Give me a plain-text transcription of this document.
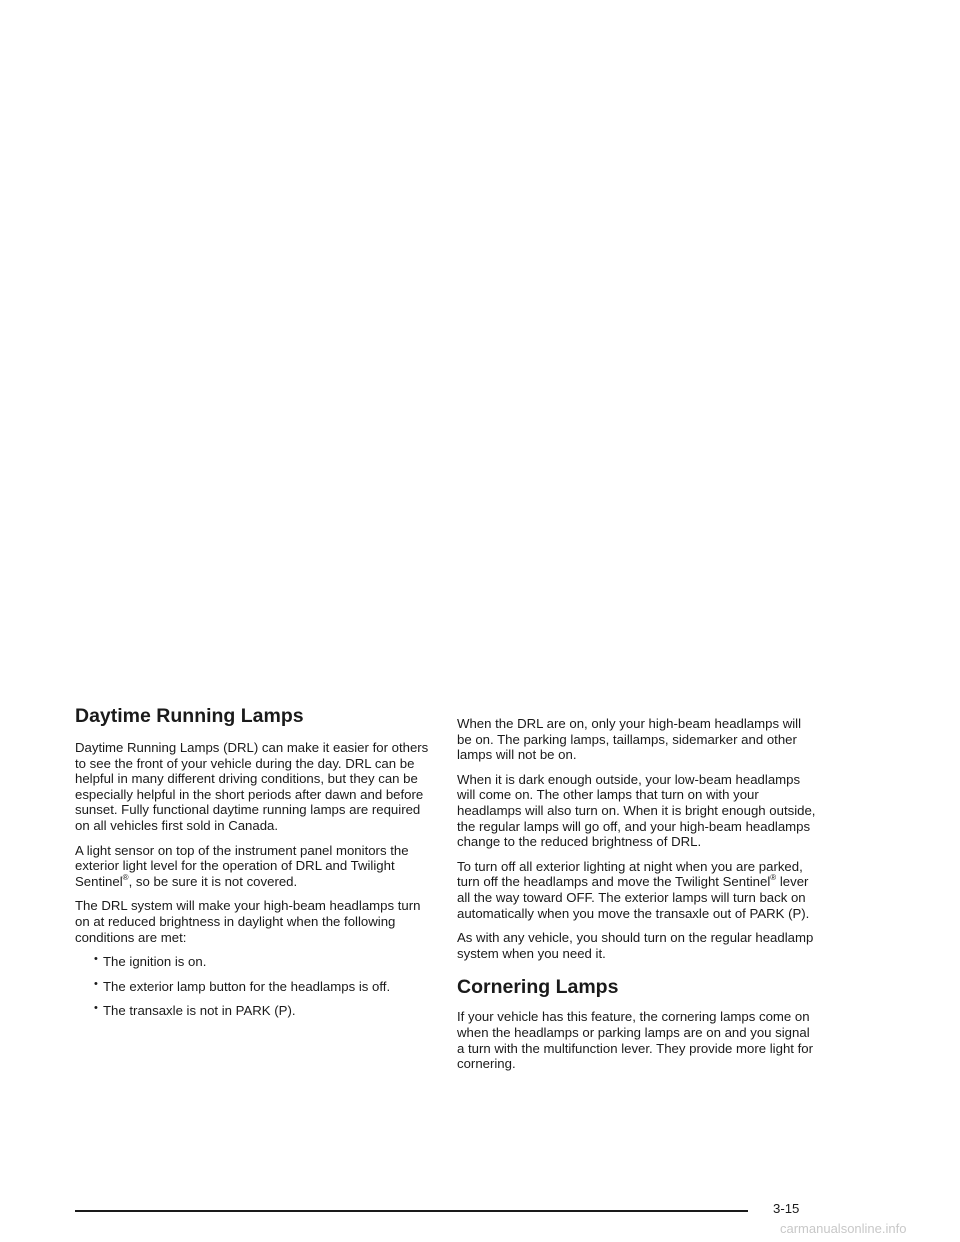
Daytime Running Lamps

Daytime Running Lamps (DRL) can make it easier for others to see the front of your vehicle during the day. DRL can be helpful in many different driving conditions, but they can be especially helpful in the short periods after dawn and before sunset. Fully functional daytime running lamps are required on all vehicles first sold in Canada.

A light sensor on top of the instrument panel monitors the exterior light level for the operation of DRL and Twilight Sentinel®, so be sure it is not covered.

The DRL system will make your high-beam headlamps turn on at reduced brightness in daylight when the following conditions are met:

• The ignition is on.
• The exterior lamp button for the headlamps is off.
• The transaxle is not in PARK (P).

When the DRL are on, only your high-beam headlamps will be on. The parking lamps, taillamps, sidemarker and other lamps will not be on.

When it is dark enough outside, your low-beam headlamps will come on. The other lamps that turn on with your headlamps will also turn on. When it is bright enough outside, the regular lamps will go off, and your high-beam headlamps change to the reduced brightness of DRL.

To turn off all exterior lighting at night when you are parked, turn off the headlamps and move the Twilight Sentinel® lever all the way toward OFF. The exterior lamps will turn back on automatically when you move the transaxle out of PARK (P).

As with any vehicle, you should turn on the regular headlamp system when you need it.

Cornering Lamps

If your vehicle has this feature, the cornering lamps come on when the headlamps or parking lamps are on and you signal a turn with the multifunction lever. They provide more light for cornering.

3-15
carmanualsonline.info
